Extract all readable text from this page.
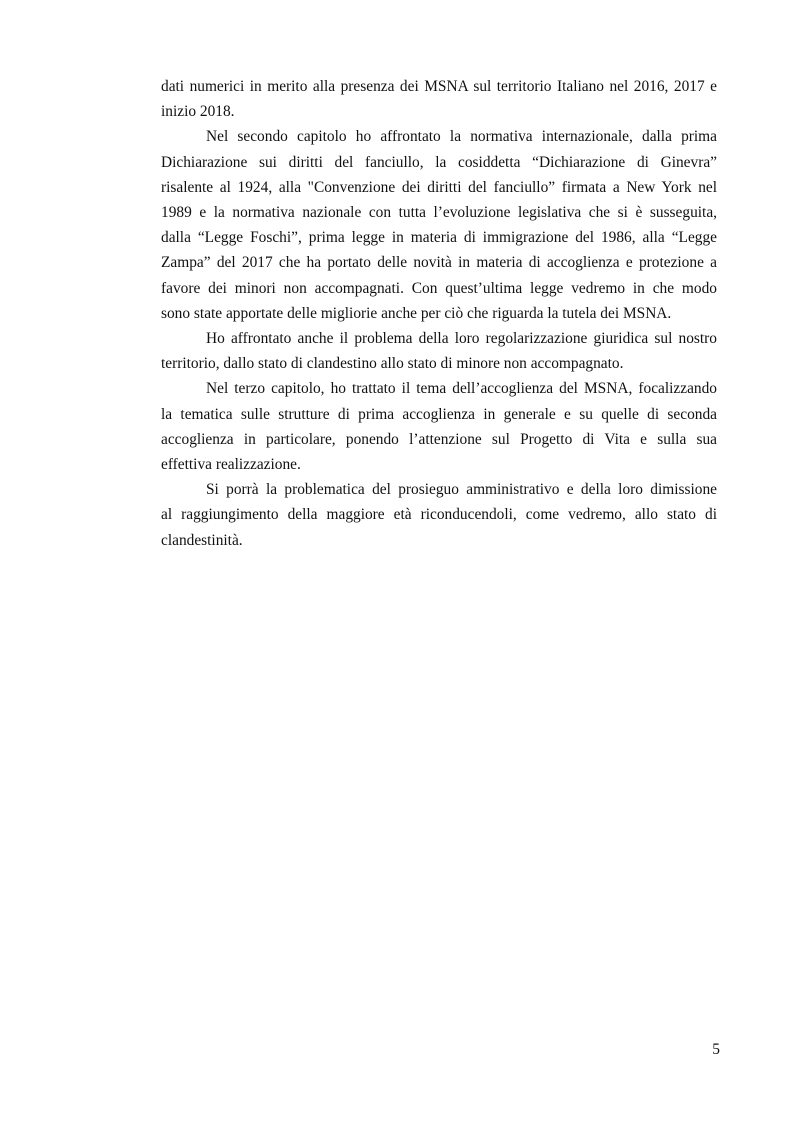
dati numerici in merito alla presenza dei MSNA sul territorio Italiano nel 2016, 2017 e
inizio 2018.

Nel secondo capitolo ho affrontato la normativa internazionale, dalla prima
Dichiarazione sui diritti del fanciullo, la cosiddetta “Dichiarazione di Ginevra”
risalente al 1924, alla "Convenzione dei diritti del fanciullo” firmata a New York nel
1989 e la normativa nazionale con tutta l’evoluzione legislativa che si è susseguita,
dalla “Legge Foschi”, prima legge in materia di immigrazione del 1986, alla “Legge
Zampa” del 2017 che ha portato delle novità in materia di accoglienza e protezione a
favore dei minori non accompagnati. Con quest’ultima legge vedremo in che modo
sono state apportate delle migliorie anche per ciò che riguarda la tutela dei MSNA.

Ho affrontato anche il problema della loro regolarizzazione giuridica sul nostro
territorio, dallo stato di clandestino allo stato di minore non accompagnato.

Nel terzo capitolo, ho trattato il tema dell’accoglienza del MSNA, focalizzando
la tematica sulle strutture di prima accoglienza in generale e su quelle di seconda
accoglienza in particolare, ponendo l’attenzione sul Progetto di Vita e sulla sua
effettiva realizzazione.

Si porrà la problematica del prosieguo amministrativo e della loro dimissione
al raggiungimento della maggiore età riconducendoli, come vedremo, allo stato di
clandestinità.

5
